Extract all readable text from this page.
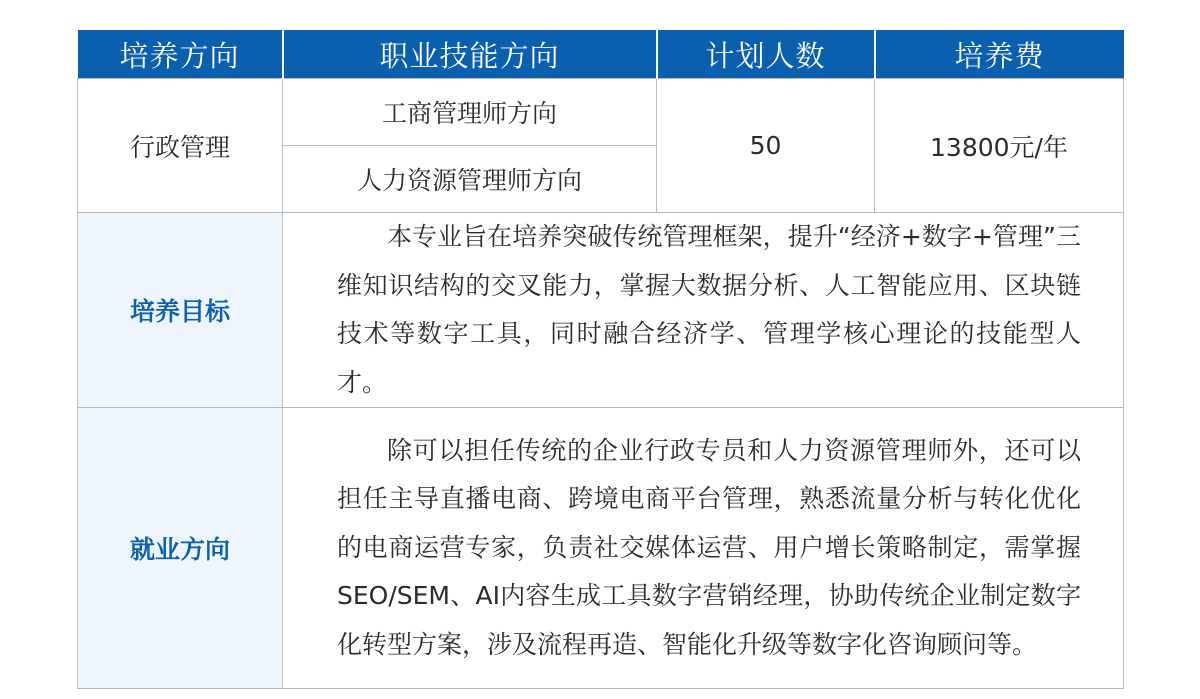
培养方向	职业技能方向	计划人数	培养费
行政管理	工商管理师方向	50	13800元/年
	人力资源管理师方向		
培养目标	本专业旨在培养突破传统管理框架，提升“经济+数字+管理”三维知识结构的交叉能力，掌握大数据分析、人工智能应用、区块链技术等数字工具，同时融合经济学、管理学核心理论的技能型人才。		

就业方向	除可以担任传统的企业行政专员和人力资源管理师外，还可以担任主导直播电商、跨境电商平台管理，熟悉流量分析与转化优化的电商运营专家，负责社交媒体运营、用户增长策略制定，需掌握SEO/SEM、AI内容生成工具数字营销经理，协助传统企业制定数字化转型方案，涉及流程再造、智能化升级等数字化咨询顾问等。		
